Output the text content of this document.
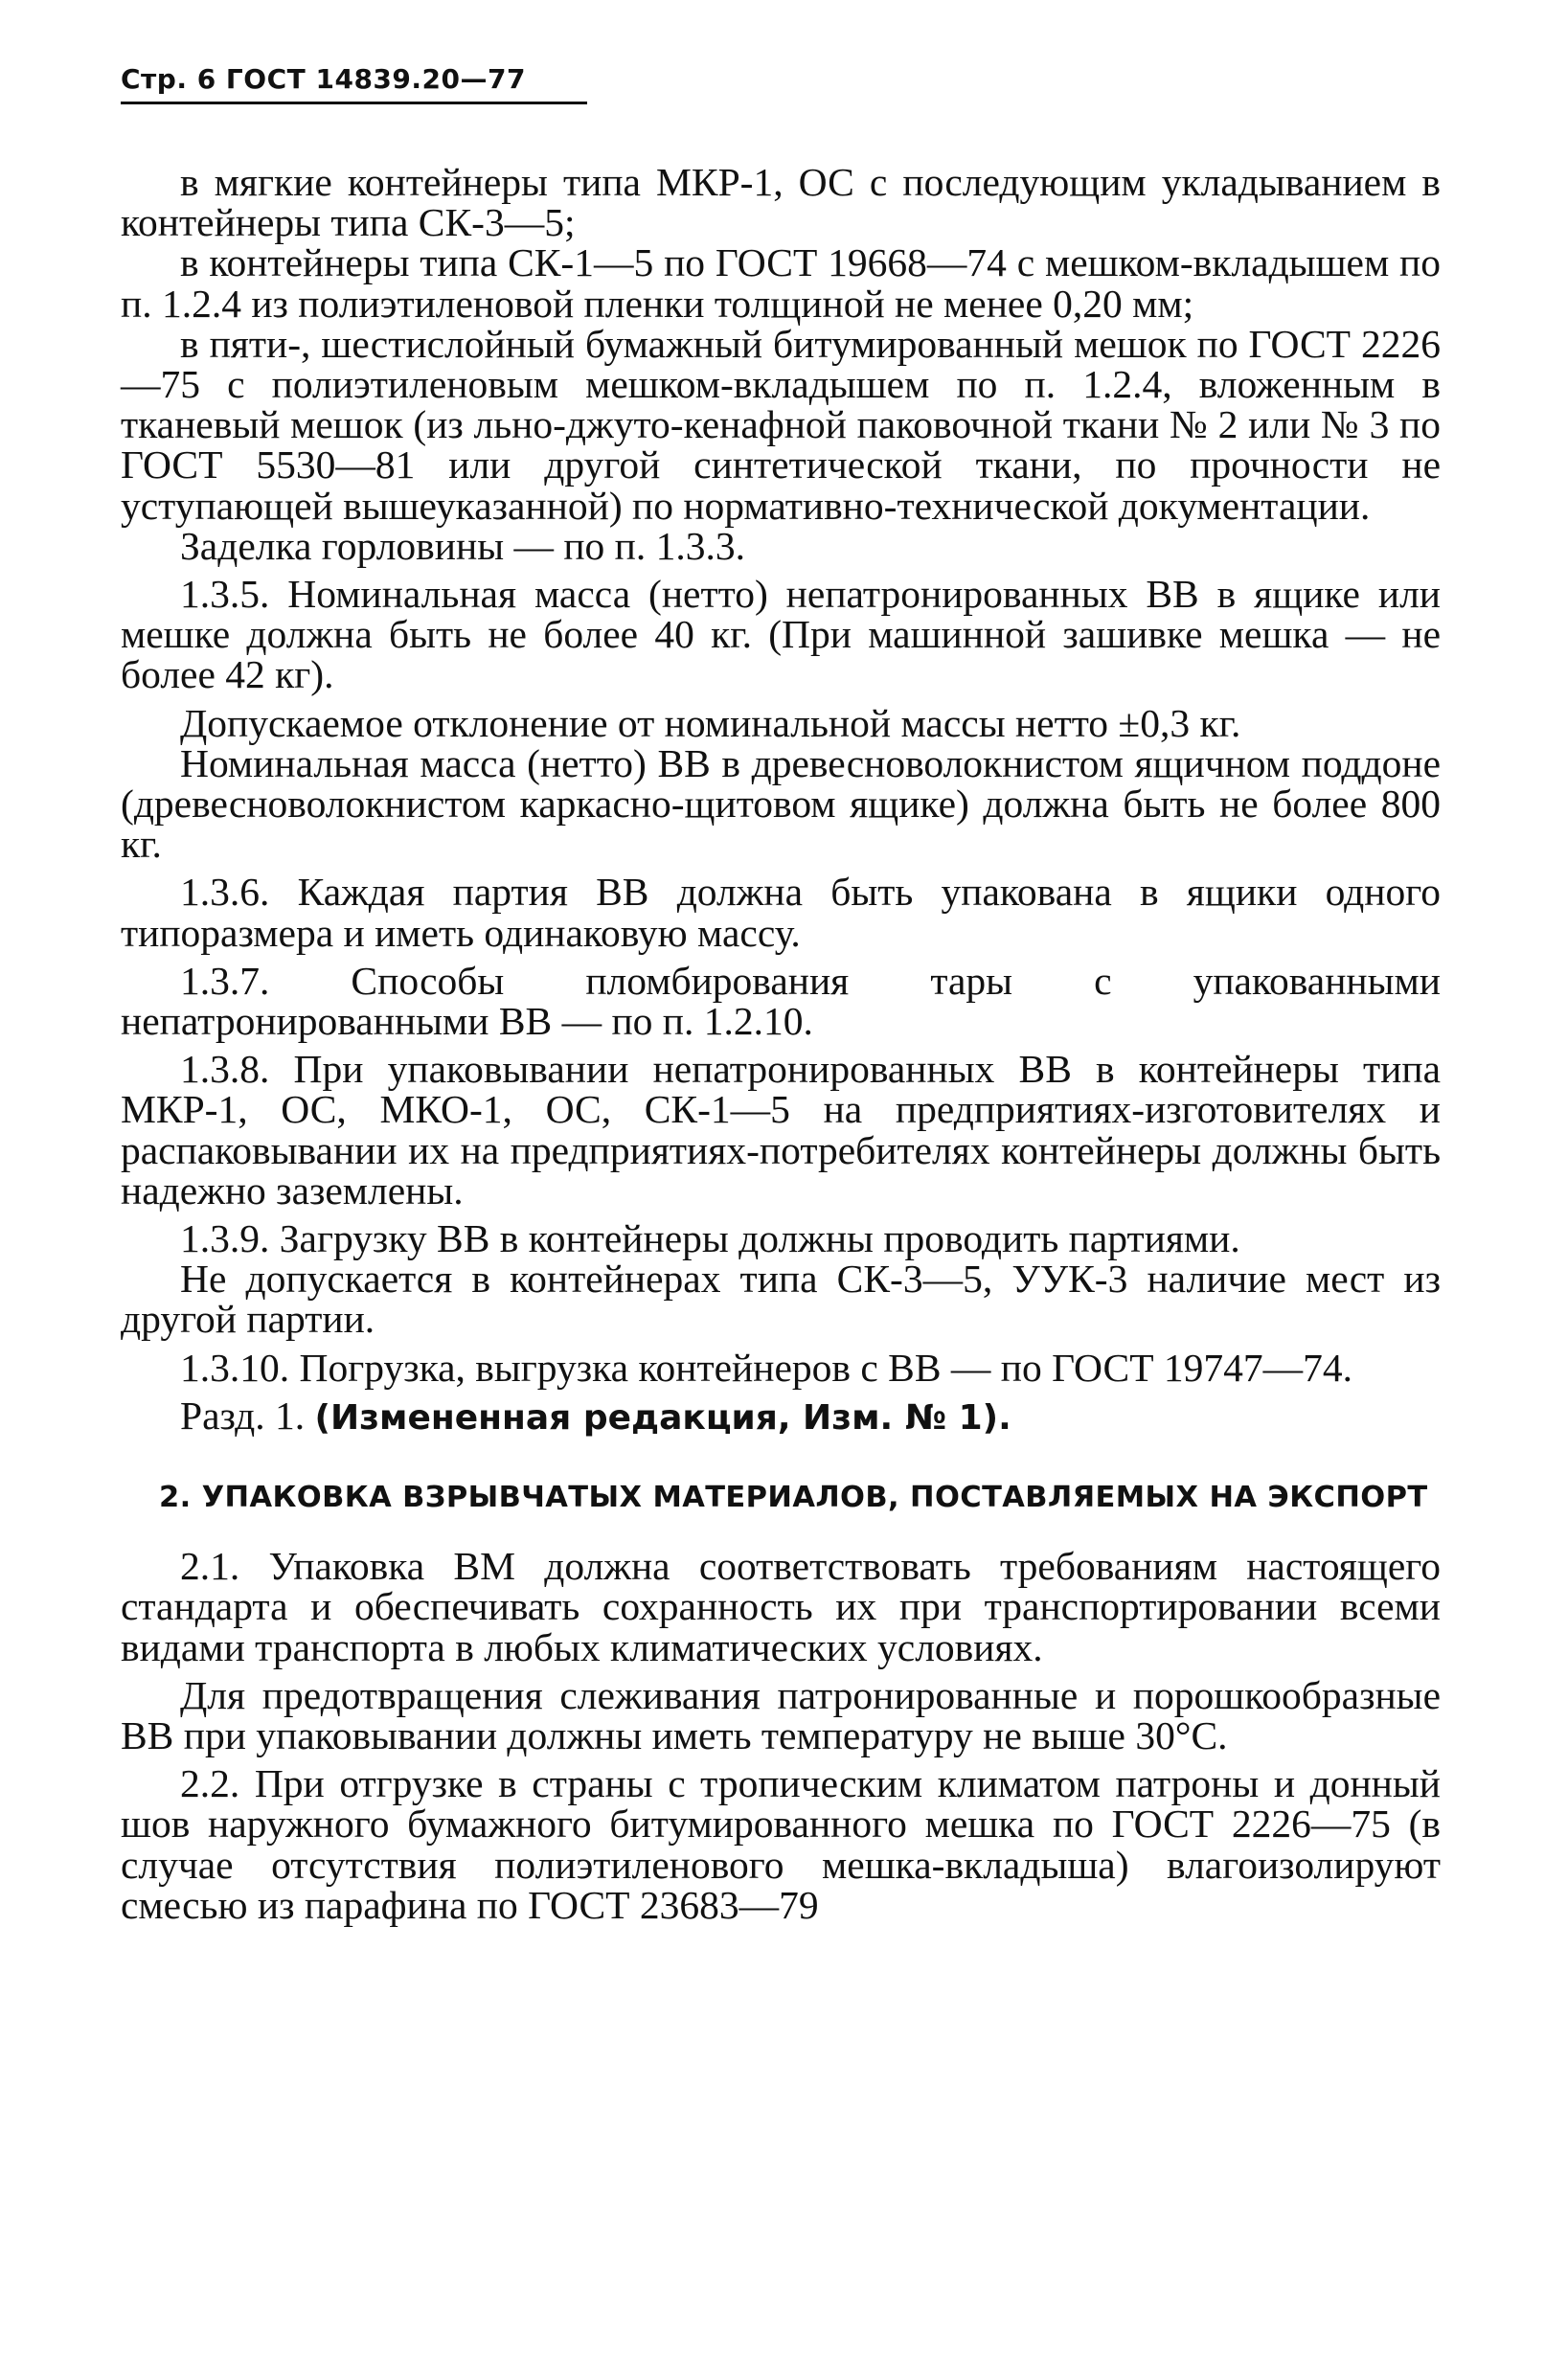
Стр. 6 ГОСТ 14839.20—77

в мягкие контейнеры типа МКР-1, ОС с последующим укладыванием в контейнеры типа СК-3—5;

в контейнеры типа СК-1—5 по ГОСТ 19668—74 с мешком-вкладышем по п. 1.2.4 из полиэтиленовой пленки толщиной не менее 0,20 мм;

в пяти-, шестислойный бумажный битумированный мешок по ГОСТ 2226—75 с полиэтиленовым мешком-вкладышем по п. 1.2.4, вложенным в тканевый мешок (из льно-джуто-кенафной паковочной ткани № 2 или № 3 по ГОСТ 5530—81 или другой синтетической ткани, по прочности не уступающей вышеуказанной) по нормативно-технической документации.

Заделка горловины — по п. 1.3.3.

1.3.5. Номинальная масса (нетто) непатронированных ВВ в ящике или мешке должна быть не более 40 кг. (При машинной зашивке мешка — не более 42 кг).

Допускаемое отклонение от номинальной массы нетто ±0,3 кг.

Номинальная масса (нетто) ВВ в древесноволокнистом ящичном поддоне (древесноволокнистом каркасно-щитовом ящике) должна быть не более 800 кг.

1.3.6. Каждая партия ВВ должна быть упакована в ящики одного типоразмера и иметь одинаковую массу.

1.3.7. Способы пломбирования тары с упакованными непатронированными ВВ — по п. 1.2.10.

1.3.8. При упаковывании непатронированных ВВ в контейнеры типа МКР-1, ОС, МКО-1, ОС, СК-1—5 на предприятиях-изготовителях и распаковывании их на предприятиях-потребителях контейнеры должны быть надежно заземлены.

1.3.9. Загрузку ВВ в контейнеры должны проводить партиями.

Не допускается в контейнерах типа СК-3—5, УУК-3 наличие мест из другой партии.

1.3.10. Погрузка, выгрузка контейнеров с ВВ — по ГОСТ 19747—74.

Разд. 1. (Измененная редакция, Изм. № 1).

2. УПАКОВКА ВЗРЫВЧАТЫХ МАТЕРИАЛОВ, ПОСТАВЛЯЕМЫХ НА ЭКСПОРТ

2.1. Упаковка ВМ должна соответствовать требованиям настоящего стандарта и обеспечивать сохранность их при транспортировании всеми видами транспорта в любых климатических условиях.

Для предотвращения слеживания патронированные и порошкообразные ВВ при упаковывании должны иметь температуру не выше 30°С.

2.2. При отгрузке в страны с тропическим климатом патроны и донный шов наружного бумажного битумированного мешка по ГОСТ 2226—75 (в случае отсутствия полиэтиленового мешка-вкладыша) влагоизолируют смесью из парафина по ГОСТ 23683—79
